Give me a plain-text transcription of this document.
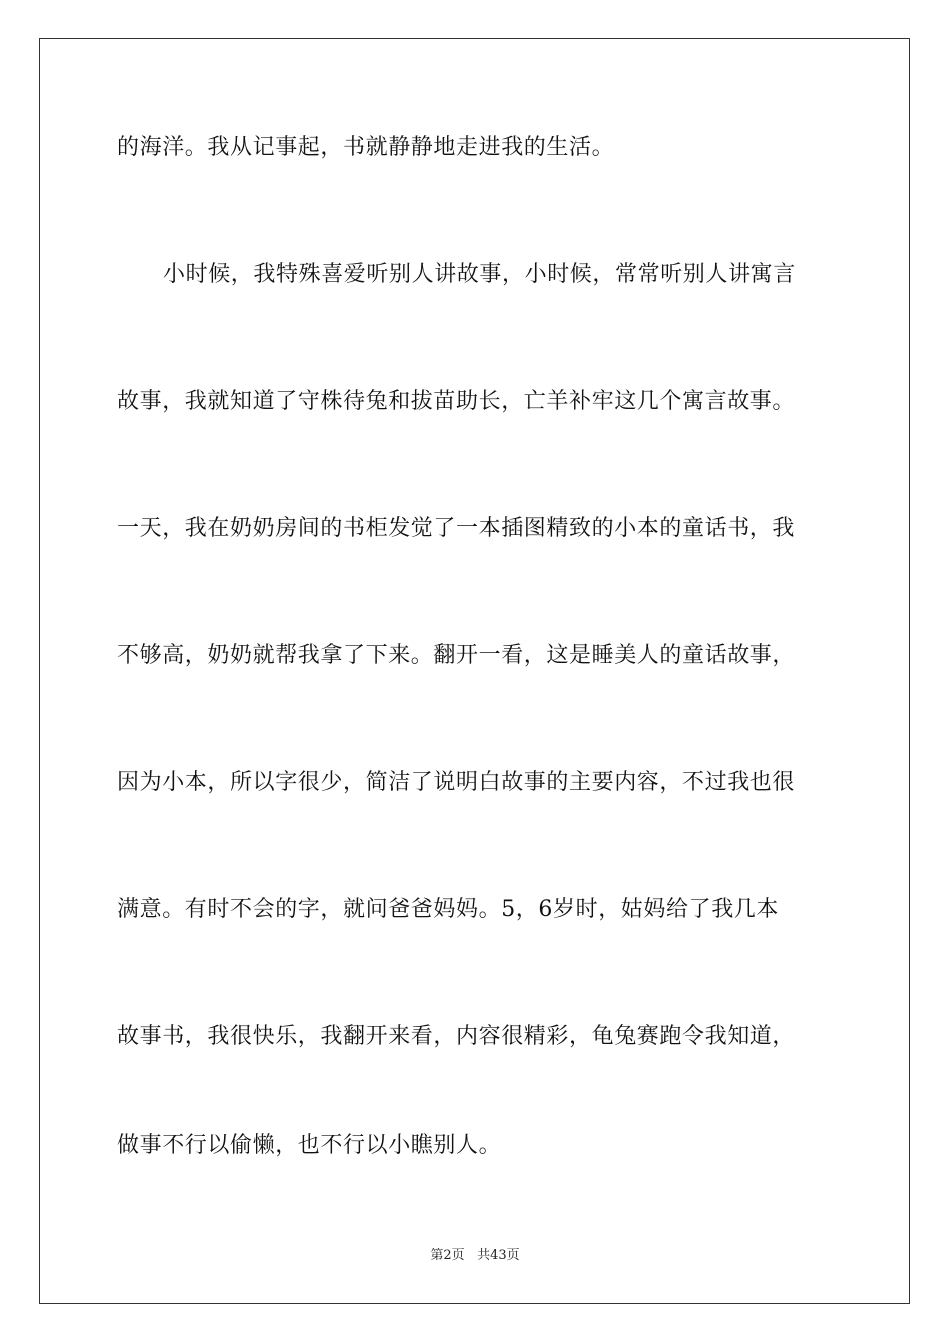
的海洋。我从记事起，书就静静地走进我的生活。
小时候，我特殊喜爱听别人讲故事，小时候，常常听别人讲寓言
故事，我就知道了守株待兔和拔苗助长，亡羊补牢这几个寓言故事。
一天，我在奶奶房间的书柜发觉了一本插图精致的小本的童话书，我
不够高，奶奶就帮我拿了下来。翻开一看，这是睡美人的童话故事，
因为小本，所以字很少，简洁了说明白故事的主要内容，不过我也很
满意。有时不会的字，就问爸爸妈妈。5，6岁时，姑妈给了我几本
故事书，我很快乐，我翻开来看，内容很精彩，龟兔赛跑令我知道，
做事不行以偷懒，也不行以小瞧别人。
第2页 共43页
